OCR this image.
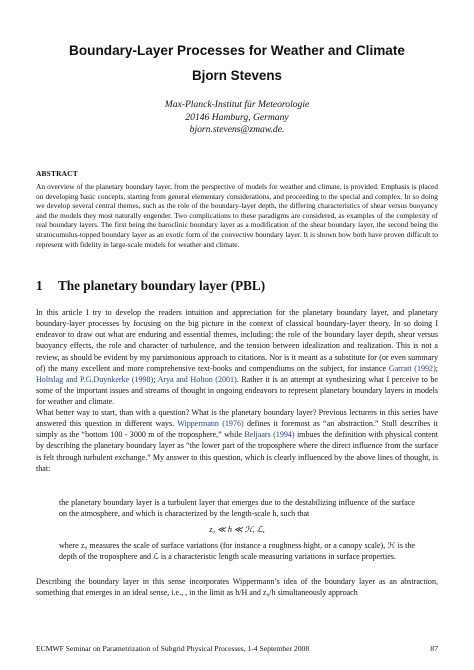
Boundary-Layer Processes for Weather and Climate
Bjorn Stevens
Max-Planck-Institut für Meteorologie
20146 Hamburg, Germany
bjorn.stevens@zmaw.de.
ABSTRACT
An overview of the planetary boundary layer, from the perspective of models for weather and climate, is provided. Emphasis is placed on developing basic concepts, starting from general elementary considerations, and proceeding to the special and complex. In so doing we develop several central themes, such as the role of the boundary-layer depth, the differing characteristics of shear versus buoyancy and the models they most naturally engender. Two complications to these paradigms are considered, as examples of the complexity of real boundary layers. The first being the baroclinic boundary layer as a modification of the shear boundary layer, the second being the stratocumulus-topped boundary layer as an exotic form of the convective boundary layer. It is shown how both have proven difficult to represent with fidelity in large-scale models for weather and climate.
1 The planetary boundary layer (PBL)
In this article I try to develop the readers intuition and appreciation for the planetary boundary layer, and planetary boundary-layer processes by focusing on the big picture in the context of classical boundary-layer theory. In so doing I endeavor to draw out what are enduring and essential themes, including: the role of the boundary layer depth, shear versus buoyancy effects, the role and character of turbulence, and the tension between idealization and realization. This is not a review, as should be evident by my parsimonious approach to citations. Nor is it meant as a substitute for (or even summary of) the many excellent and more comprehensive text-books and compendiums on the subject, for instance Garratt (1992); Holtslag and P.G.Duynkerke (1998); Arya and Holton (2001). Rather it is an attempt at synthesizing what I perceive to be some of the important issues and streams of thought in ongoing endeavors to represent planetary boundary layers in models for weather and climate.
What better way to start, than with a question? What is the planetary boundary layer? Previous lecturers in this series have answered this question in different ways. Wippermann (1976) defines it foremost as “an abstraction.” Stull describes it simply as the “bottom 100 - 3000 m of the troposphere,” while Beljaars (1994) imbues the definition with physical content by describing the planetary boundary layer as “the lower part of the troposphere where the direct influence from the surface is felt through turbulent exchange.” My answer to this question, which is clearly influenced by the above lines of thought, is that:
the planetary boundary layer is a turbulent layer that emerges due to the destabilizing influence of the surface on the atmosphere, and which is characterized by the length-scale h, such that
z₀ ≪ h ≪ ℋ, ℒ,
where z₀ measures the scale of surface variations (for instance a roughness hight, or a canopy scale), ℋ is the depth of the troposphere and ℒ is a characteristic length scale measuring variations in surface properties.
Describing the boundary layer in this sense incorporates Wippermann’s idea of the boundary layer as an abstraction, something that emerges in an ideal sense, i.e., , in the limit as h/H and z₀/h simultaneously approach
ECMWF Seminar on Parametrization of Subgrid Physical Processes, 1-4 September 2008	87
